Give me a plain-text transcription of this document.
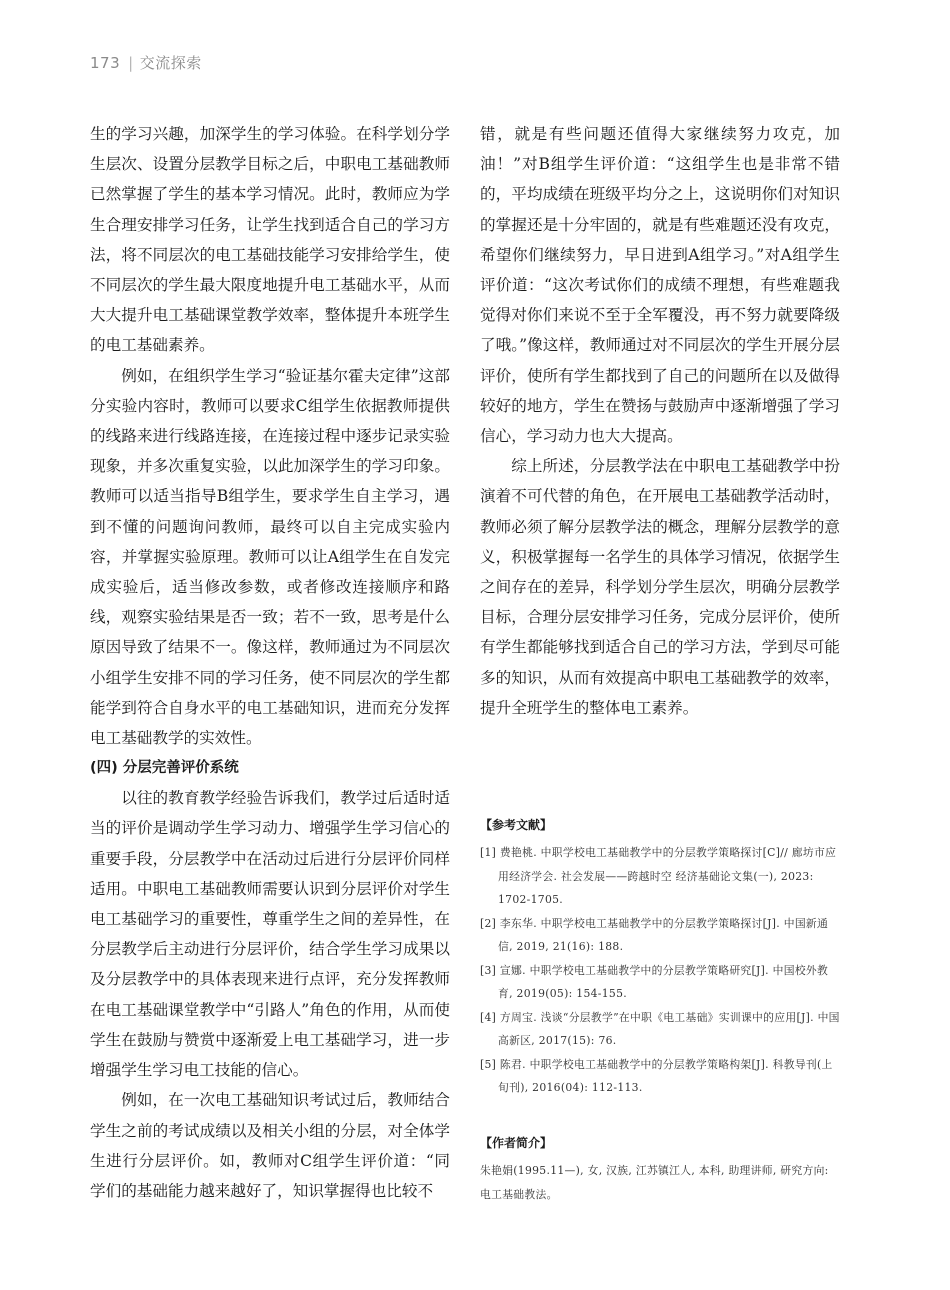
173 | 交流探索

生的学习兴趣，加深学生的学习体验。在科学划分学生层次、设置分层教学目标之后，中职电工基础教师已然掌握了学生的基本学习情况。此时，教师应为学生合理安排学习任务，让学生找到适合自己的学习方法，将不同层次的电工基础技能学习安排给学生，使不同层次的学生最大限度地提升电工基础水平，从而大大提升电工基础课堂教学效率，整体提升本班学生的电工基础素养。

例如，在组织学生学习“验证基尔霍夫定律”这部分实验内容时，教师可以要求C组学生依据教师提供的线路来进行线路连接，在连接过程中逐步记录实验现象，并多次重复实验，以此加深学生的学习印象。教师可以适当指导B组学生，要求学生自主学习，遇到不懂的问题询问教师，最终可以自主完成实验内容，并掌握实验原理。教师可以让A组学生在自发完成实验后，适当修改参数，或者修改连接顺序和路线，观察实验结果是否一致；若不一致，思考是什么原因导致了结果不一。像这样，教师通过为不同层次小组学生安排不同的学习任务，使不同层次的学生都能学到符合自身水平的电工基础知识，进而充分发挥电工基础教学的实效性。

(四) 分层完善评价系统

以往的教育教学经验告诉我们，教学过后适时适当的评价是调动学生学习动力、增强学生学习信心的重要手段，分层教学中在活动过后进行分层评价同样适用。中职电工基础教师需要认识到分层评价对学生电工基础学习的重要性，尊重学生之间的差异性，在分层教学后主动进行分层评价，结合学生学习成果以及分层教学中的具体表现来进行点评，充分发挥教师在电工基础课堂教学中“引路人”角色的作用，从而使学生在鼓励与赞赏中逐渐爱上电工基础学习，进一步增强学生学习电工技能的信心。

例如，在一次电工基础知识考试过后，教师结合学生之前的考试成绩以及相关小组的分层，对全体学生进行分层评价。如，教师对C组学生评价道：“同学们的基础能力越来越好了，知识掌握得也比较不

错，就是有些问题还值得大家继续努力攻克，加油！”对B组学生评价道：“这组学生也是非常不错的，平均成绩在班级平均分之上，这说明你们对知识的掌握还是十分牢固的，就是有些难题还没有攻克，希望你们继续努力，早日进到A组学习。”对A组学生评价道：“这次考试你们的成绩不理想，有些难题我觉得对你们来说不至于全军覆没，再不努力就要降级了哦。”像这样，教师通过对不同层次的学生开展分层评价，使所有学生都找到了自己的问题所在以及做得较好的地方，学生在赞扬与鼓励声中逐渐增强了学习信心，学习动力也大大提高。

综上所述，分层教学法在中职电工基础教学中扮演着不可代替的角色，在开展电工基础教学活动时，教师必须了解分层教学法的概念，理解分层教学的意义，积极掌握每一名学生的具体学习情况，依据学生之间存在的差异，科学划分学生层次，明确分层教学目标，合理分层安排学习任务，完成分层评价，使所有学生都能够找到适合自己的学习方法，学到尽可能多的知识，从而有效提高中职电工基础教学的效率，提升全班学生的整体电工素养。

【参考文献】

[1] 费艳桃. 中职学校电工基础教学中的分层教学策略探讨[C]// 廊坊市应用经济学会. 社会发展——跨越时空 经济基础论文集(一), 2023: 1702-1705.

[2] 李东华. 中职学校电工基础教学中的分层教学策略探讨[J]. 中国新通信, 2019, 21(16): 188.

[3] 宣娜. 中职学校电工基础教学中的分层教学策略研究[J]. 中国校外教育, 2019(05): 154-155.

[4] 方周宝. 浅谈“分层教学”在中职《电工基础》实训课中的应用[J]. 中国高新区, 2017(15): 76.

[5] 陈君. 中职学校电工基础教学中的分层教学策略构架[J]. 科教导刊(上旬刊), 2016(04): 112-113.

【作者简介】

朱艳娟(1995.11—), 女, 汉族, 江苏镇江人, 本科, 助理讲师, 研究方向: 电工基础教法。
